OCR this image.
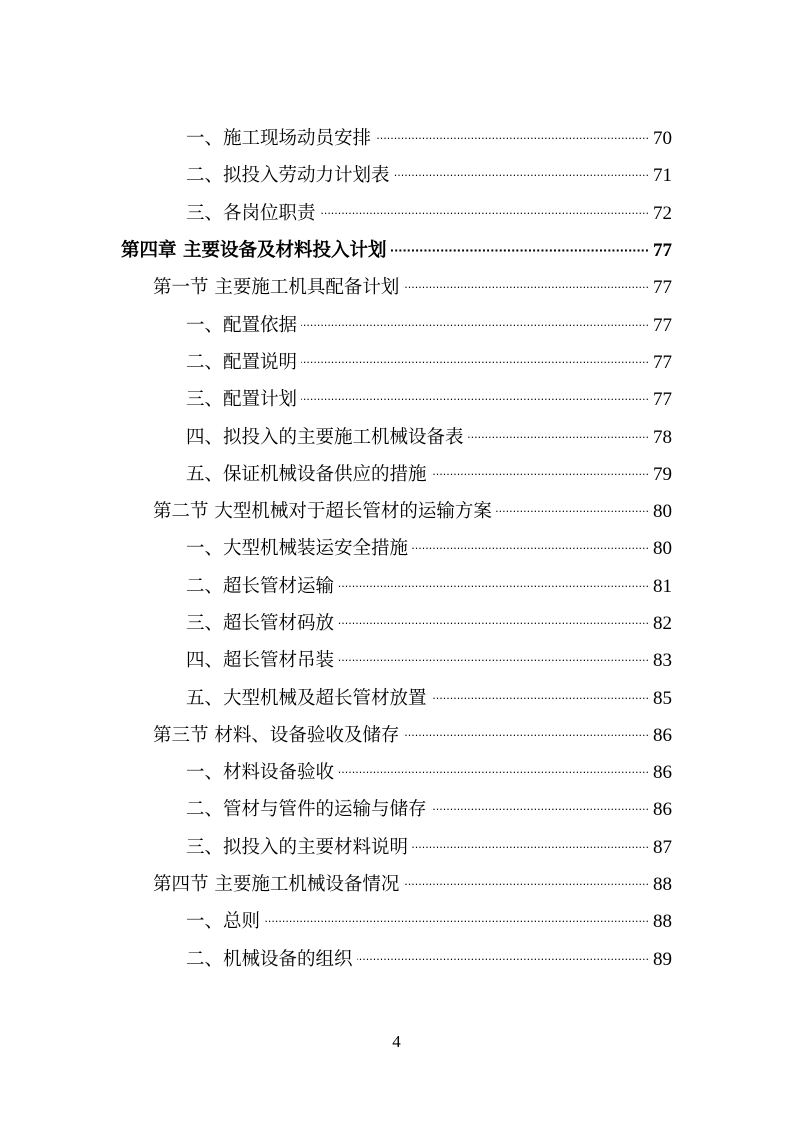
一、施工现场动员安排 ·····	70
二、拟投入劳动力计划表 ·····	71
三、各岗位职责 ·····	72
第四章 主要设备及材料投入计划 ·····	77
第一节 主要施工机具配备计划 ·····	77
一、配置依据 ·····	77
二、配置说明 ·····	77
三、配置计划 ·····	77
四、拟投入的主要施工机械设备表 ·····	78
五、保证机械设备供应的措施 ·····	79
第二节 大型机械对于超长管材的运输方案 ·····	80
一、大型机械装运安全措施 ·····	80
二、超长管材运输 ·····	81
三、超长管材码放 ·····	82
四、超长管材吊装 ·····	83
五、大型机械及超长管材放置 ·····	85
第三节 材料、设备验收及储存 ·····	86
一、材料设备验收 ·····	86
二、管材与管件的运输与储存 ·····	86
三、拟投入的主要材料说明 ·····	87
第四节 主要施工机械设备情况 ·····	88
一、总则 ·····	88
二、机械设备的组织 ·····	89
4
